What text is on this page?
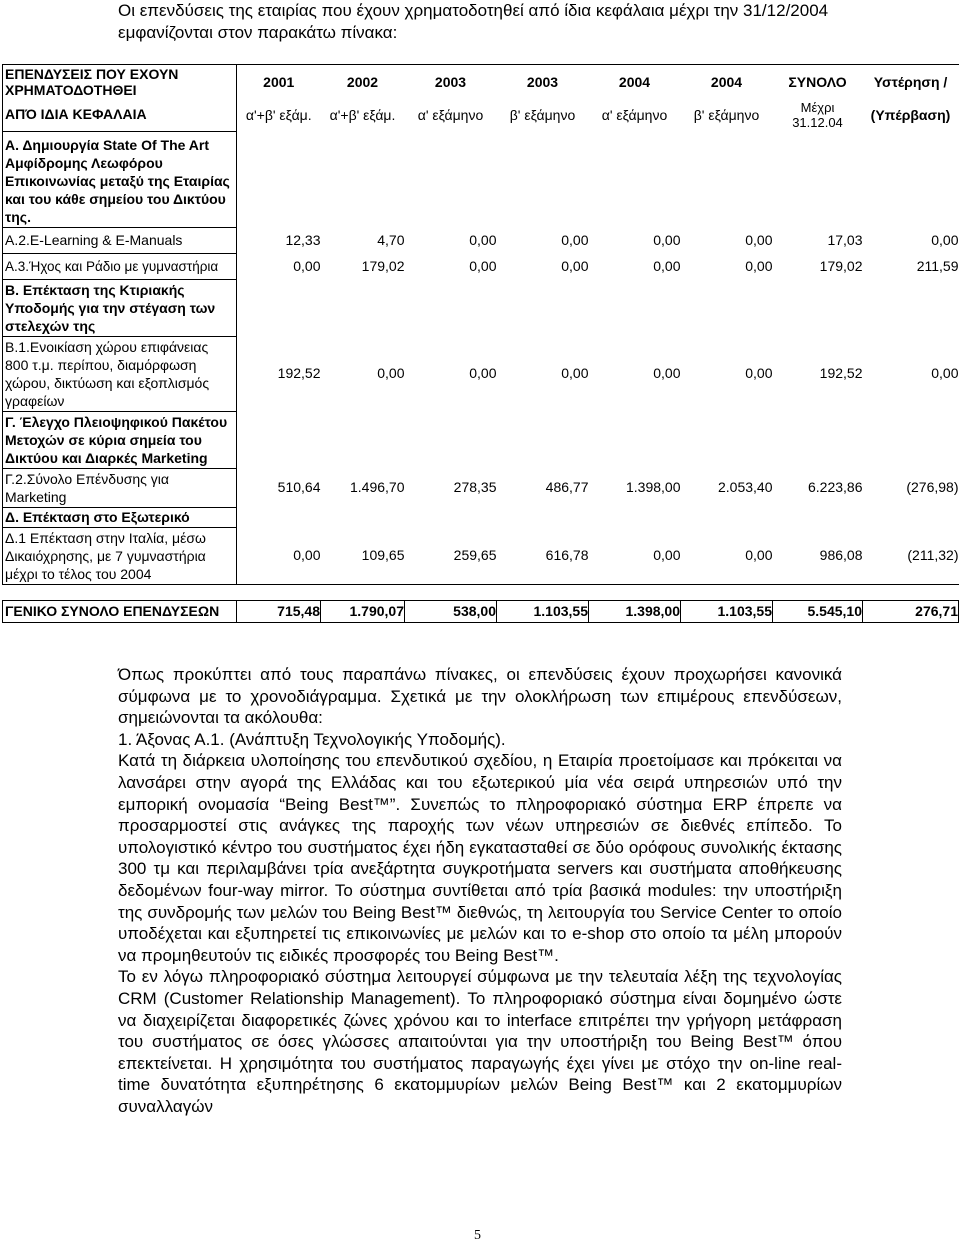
Οι επενδύσεις της εταιρίας που έχουν χρηματοδοτηθεί από ίδια κεφάλαια μέχρι την 31/12/2004 εμφανίζονται στον παρακάτω πίνακα:
ΕΠΕΝΔΥΣΕΙΣ ΠΟΥ ΕΧΟΥΝ
ΧΡΗΜΑΤΟΔΟΤΗΘΕΙ	2001	2002	2003	2003	2004	2004	ΣΥΝΟΛΟ	Υστέρηση /
ΑΠΌ ΙΔΙΑ ΚΕΦΑΛΑΙΑ	α'+β' εξάμ.	α'+β' εξάμ.	α' εξάμηνο	β' εξάμηνο	α' εξάμηνο	β' εξάμηνο	Μέχρι 31.12.04	(Υπέρβαση)
Α. Δημιουργία State Of The Art Αμφίδρομης Λεωφόρου Επικοινωνίας μεταξύ της Εταιρίας και του κάθε σημείου του Δικτύου της.								
Α.2.E-Learning & E-Manuals	12,33	4,70	0,00	0,00	0,00	0,00	17,03	0,00
Α.3.Ήχος και Ράδιο με γυμναστήρια	0,00	179,02	0,00	0,00	0,00	0,00	179,02	211,59
Β. Επέκταση της Κτιριακής Υποδομής για την στέγαση των στελεχών της								
Β.1.Ενοικίαση χώρου επιφάνειας 800 τ.μ. περίπου, διαμόρφωση χώρου, δικτύωση και εξοπλισμός γραφείων	192,52	0,00	0,00	0,00	0,00	0,00	192,52	0,00
Γ. Έλεγχο Πλειοψηφικού Πακέτου Μετοχών σε κύρια σημεία του Δικτύου και Διαρκές Marketing								
Γ.2.Σύνολο Επένδυσης για Marketing	510,64	1.496,70	278,35	486,77	1.398,00	2.053,40	6.223,86	(276,98)
Δ. Επέκταση στο Εξωτερικό								
Δ.1 Επέκταση στην Ιταλία, μέσω Δικαιόχρησης, με 7 γυμναστήρια μέχρι το τέλος του 2004	0,00	109,65	259,65	616,78	0,00	0,00	986,08	(211,32)

ΓΕΝΙΚΟ ΣΥΝΟΛΟ ΕΠΕΝΔΥΣΕΩΝ	715,48	1.790,07	538,00	1.103,55	1.398,00	1.103,55	5.545,10	276,71

Όπως προκύπτει από τους παραπάνω πίνακες, οι επενδύσεις έχουν προχωρήσει κανονικά σύμφωνα με το χρονοδιάγραμμα. Σχετικά με την ολοκλήρωση των επιμέρους επενδύσεων, σημειώνονται τα ακόλουθα:

1. Άξονας Α.1. (Ανάπτυξη Τεχνολογικής Υποδομής).

Κατά τη διάρκεια υλοποίησης του επενδυτικού σχεδίου, η Εταιρία προετοίμασε και πρόκειται να λανσάρει στην αγορά της Ελλάδας και του εξωτερικού μία νέα σειρά υπηρεσιών υπό την εμπορική ονομασία “Being Best™”. Συνεπώς το πληροφοριακό σύστημα ERP έπρεπε να προσαρμοστεί στις ανάγκες της παροχής των νέων υπηρεσιών σε διεθνές επίπεδο. Το υπολογιστικό κέντρο του συστήματος έχει ήδη εγκατασταθεί σε δύο ορόφους συνολικής έκτασης 300 τμ και περιλαμβάνει τρία ανεξάρτητα συγκροτήματα servers και συστήματα αποθήκευσης δεδομένων four-way mirror. Το σύστημα συντίθεται από τρία βασικά modules: την υποστήριξη της συνδρομής των μελών του Being Best™ διεθνώς, τη λειτουργία του Service Center το οποίο υποδέχεται και εξυπηρετεί τις επικοινωνίες με μελών και το e-shop στο οποίο τα μέλη μπορούν να προμηθευτούν τις ειδικές προσφορές του Being Best™.

Το εν λόγω πληροφοριακό σύστημα λειτουργεί σύμφωνα με την τελευταία λέξη της τεχνολογίας CRM (Customer Relationship Management). Το πληροφοριακό σύστημα είναι δομημένο ώστε να διαχειρίζεται διαφορετικές ζώνες χρόνου και το interface επιτρέπει την γρήγορη μετάφραση του συστήματος σε όσες γλώσσες απαιτούνται για την υποστήριξη του Being Best™ όπου επεκτείνεται. Η χρησιμότητα του συστήματος παραγωγής έχει γίνει με στόχο την on-line real-time δυνατότητα εξυπηρέτησης 6 εκατομμυρίων μελών Being Best™ και 2 εκατομμυρίων συναλλαγών

5
